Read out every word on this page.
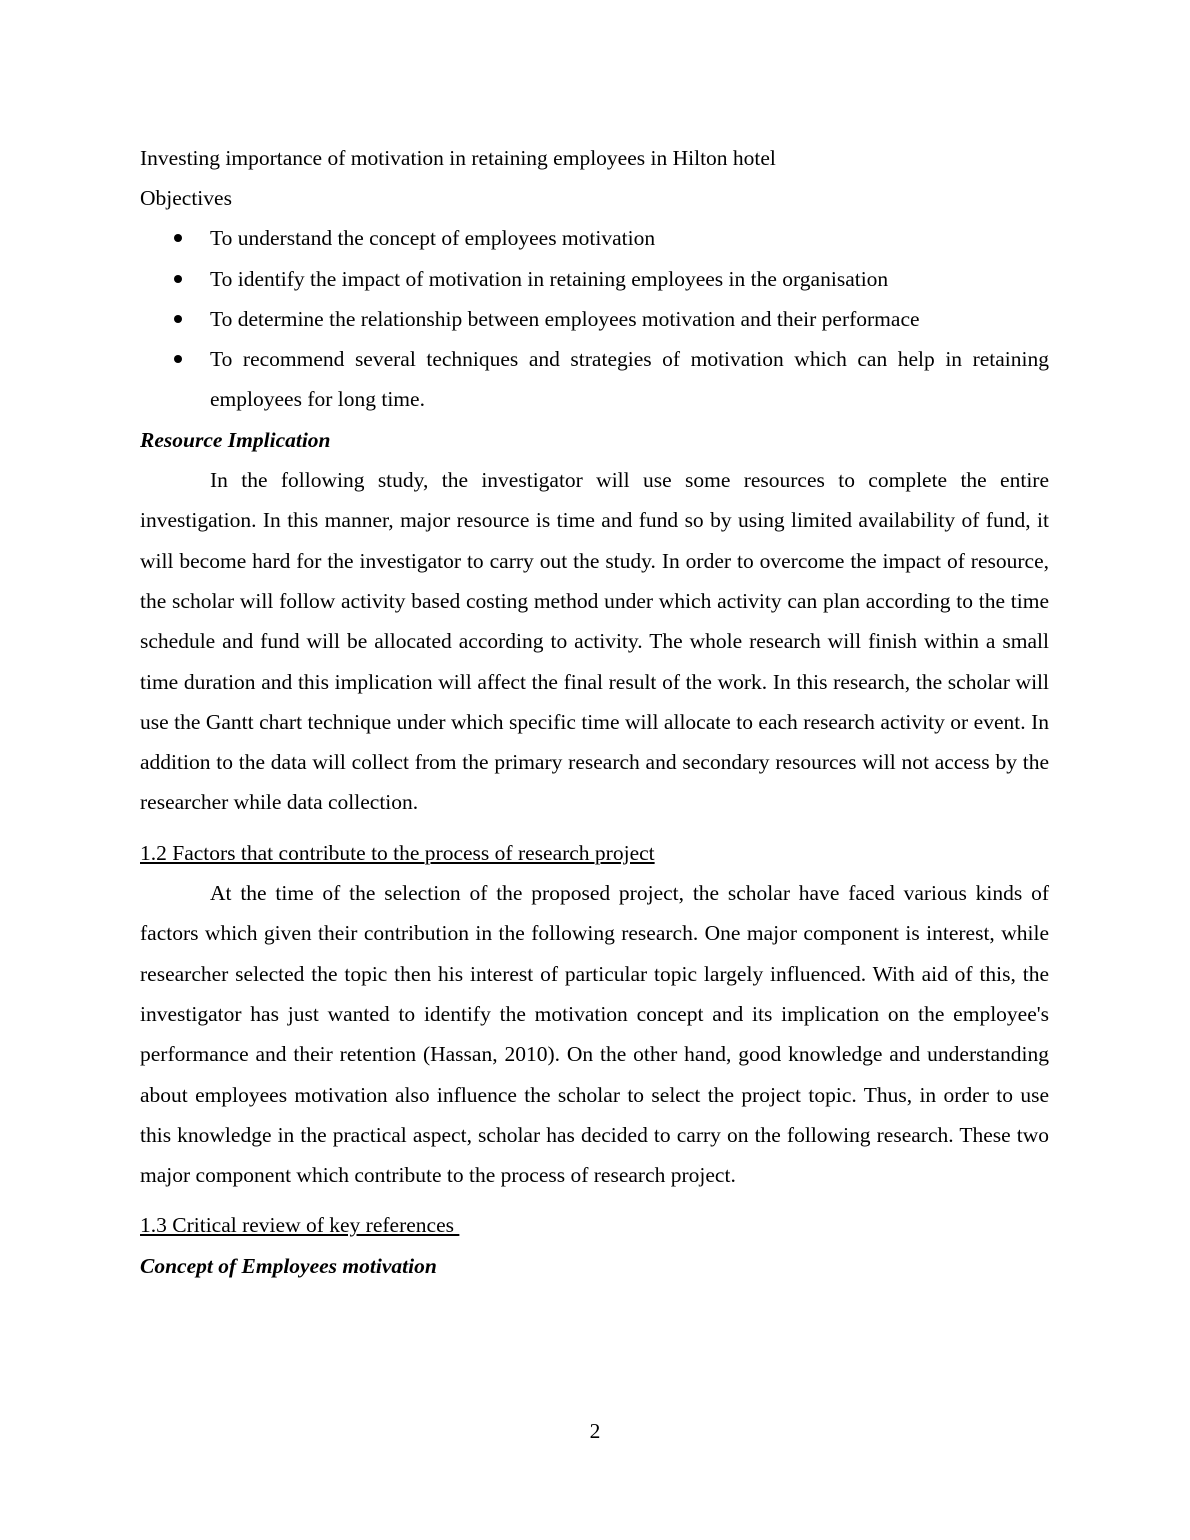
Investing importance of motivation in retaining employees in Hilton hotel

Objectives

To understand the concept of employees motivation
To identify the impact of motivation in retaining employees in the organisation
To determine the relationship between employees motivation and their performace
To recommend several techniques and strategies of motivation which can help in retaining employees for long time.

Resource Implication

In the following study, the investigator will use some resources to complete the entire investigation. In this manner, major resource is time and fund so by using limited availability of fund, it will become hard for the investigator to carry out the study. In order to overcome the impact of resource, the scholar will follow activity based costing method under which activity can plan according to the time schedule and fund will be allocated according to activity. The whole research will finish within a small time duration and this implication will affect the final result of the work. In this research, the scholar will use the Gantt chart technique under which specific time will allocate to each research activity or event. In addition to the data will collect from the primary research and secondary resources will not access by the researcher while data collection.

1.2 Factors that contribute to the process of research project

At the time of the selection of the proposed project, the scholar have faced various kinds of factors which given their contribution in the following research. One major component is interest, while researcher selected the topic then his interest of particular topic largely influenced. With aid of this, the investigator has just wanted to identify the motivation concept and its implication on the employee's performance and their retention (Hassan, 2010). On the other hand, good knowledge and understanding about employees motivation also influence the scholar to select the project topic. Thus, in order to use this knowledge in the practical aspect, scholar has decided to carry on the following research. These two major component which contribute to the process of research project.

1.3 Critical review of key references

Concept of Employees motivation

2
